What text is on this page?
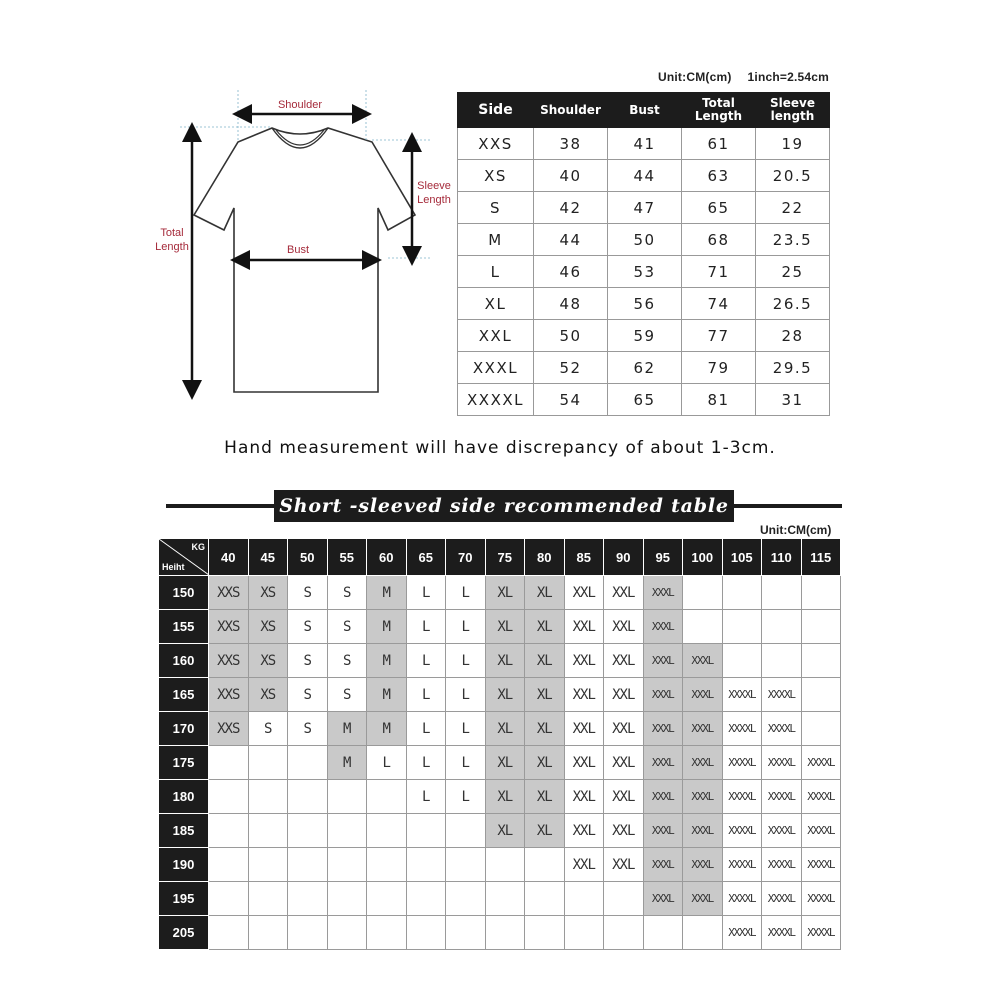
Shoulder
Sleeve
Length
Total
Length	Bust
Unit:CM(cm) 1inch=2.54cm
Side	Shoulder	Bust	Total Length	Sleeve length
XXS	38	41	61	19
XS	40	44	63	20.5
S	42	47	65	22
M	44	50	68	23.5
L	46	53	71	25
XL	48	56	74	26.5
XXL	50	59	77	28
XXXL	52	62	79	29.5
XXXXL	54	65	81	31
Hand measurement will have discrepancy of about 1-3cm.
Short -sleeved side recommended table
Unit:CM(cm)
KG
Heiht	40	45	50	55	60	65	70	75	80	85	90	95	100	105	110	115
150	XXS	XS	S	S	M	L	L	XL	XL	XXL	XXL	XXXL				
155	XXS	XS	S	S	M	L	L	XL	XL	XXL	XXL	XXXL				
160	XXS	XS	S	S	M	L	L	XL	XL	XXL	XXL	XXXL	XXXL			
165	XXS	XS	S	S	M	L	L	XL	XL	XXL	XXL	XXXL	XXXL	XXXXL	XXXXL	
170	XXS	S	S	M	M	L	L	XL	XL	XXL	XXL	XXXL	XXXL	XXXXL	XXXXL	
175				M	L	L	L	XL	XL	XXL	XXL	XXXL	XXXL	XXXXL	XXXXL	XXXXL
180						L	L	XL	XL	XXL	XXL	XXXL	XXXL	XXXXL	XXXXL	XXXXL
185								XL	XL	XXL	XXL	XXXL	XXXL	XXXXL	XXXXL	XXXXL
190										XXL	XXL	XXXL	XXXL	XXXXL	XXXXL	XXXXL
195												XXXL	XXXL	XXXXL	XXXXL	XXXXL
205														XXXXL	XXXXL	XXXXL
